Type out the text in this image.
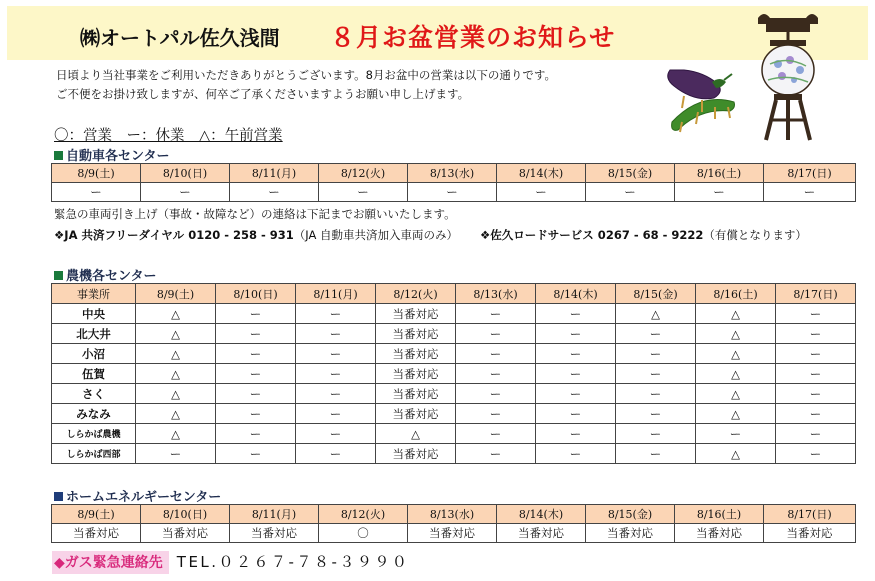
㈱オートパル佐久浅間 ８月お盆営業のお知らせ
日頃より当社事業をご利用いただきありがとうございます。8月お盆中の営業は以下の通りです。
ご不便をお掛け致しますが、何卒ご了承くださいますようお願い申し上げます。
〇：営業　ー：休業　△：午前営業
自動車各センター
8/9(土)	8/10(日)	8/11(月)	8/12(火)	8/13(水)	8/14(木)	8/15(金)	8/16(土)	8/17(日)
ー	ー	ー	ー	ー	ー	ー	ー	ー
緊急の車両引き上げ（事故・故障など）の連絡は下記までお願いいたします。
❖JA 共済フリーダイヤル 0120 - 258 - 931（JA 自動車共済加入車両のみ） ❖佐久ロードサービス 0267 - 68 - 9222（有償となります）
農機各センター
事業所	8/9(土)	8/10(日)	8/11(月)	8/12(火)	8/13(水)	8/14(木)	8/15(金)	8/16(土)	8/17(日)
中央	△	ー	ー	当番対応	ー	ー	△	△	ー
北大井	△	ー	ー	当番対応	ー	ー	ー	△	ー
小沼	△	ー	ー	当番対応	ー	ー	ー	△	ー
伍賀	△	ー	ー	当番対応	ー	ー	ー	△	ー
さく	△	ー	ー	当番対応	ー	ー	ー	△	ー
みなみ	△	ー	ー	当番対応	ー	ー	ー	△	ー
しらかば農機	△	ー	ー	△	ー	ー	ー	ー	ー
しらかば西部	ー	ー	ー	当番対応	ー	ー	ー	△	ー
ホームエネルギーセンター
8/9(土)	8/10(日)	8/11(月)	8/12(火)	8/13(水)	8/14(木)	8/15(金)	8/16(土)	8/17(日)
当番対応	当番対応	当番対応	〇	当番対応	当番対応	当番対応	当番対応	当番対応
◆ガス緊急連絡先 TEL.０２６７-７８-３９９０
